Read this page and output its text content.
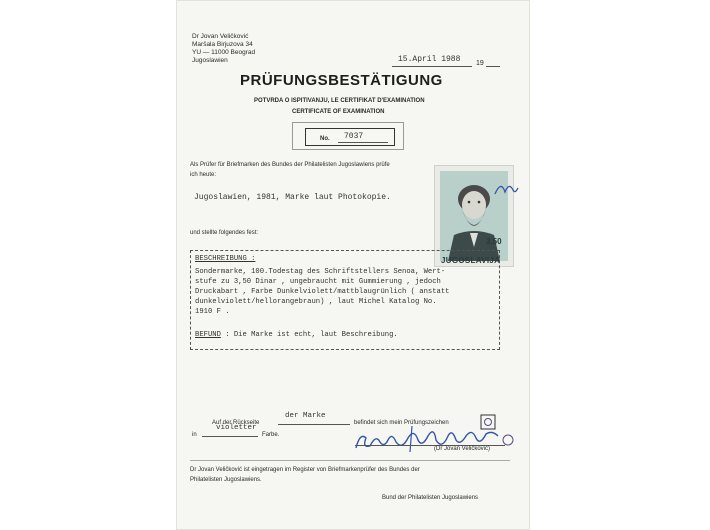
Dr Jovan Veličković
Maršala Birjuzova 34
YU — 11000 Beograd
Jugoslawien	15.April 1988 19
PRÜFUNGSBESTÄTIGUNG
POTVRDA O ISPITIVANJU, LE CERTIFIKAT D'EXAMINATION
CERTIFICATE OF EXAMINATION
No. 7037
Als Prüfer für Briefmarken des Bundes der Philatelisten Jugoslawiens prüfe
ich heute:
Jugoslawien, 1981, Marke laut Photokopie.
und stellte folgendes fest:
3,50
JUGOSLAVIJA
BESCHREIBUNG :
Sondermarke, 100.Todestag des Schriftstellers Senoa, Wert-
stufe zu 3,50 Dinar , ungebraucht mit Gummierung , jedoch
Druckabart , Farbe Dunkelviolett/mattblaugrünlich ( anstatt
dunkelviolett/hellorangebraun) , laut Michel Katalog No.
1910 F .
BEFUND : Die Marke ist echt, laut Beschreibung.
Auf der Rückseite
der Marke
befindet sich mein Prüfungszeichen
in
violetter
Farbe.
(Dr Jovan Veličković)
Dr Jovan Veličković ist eingetragen im Register von Briefmarkenprüfer des Bundes der
Philatelisten Jugoslawiens.
Bund der Philatelisten Jugoslawiens
